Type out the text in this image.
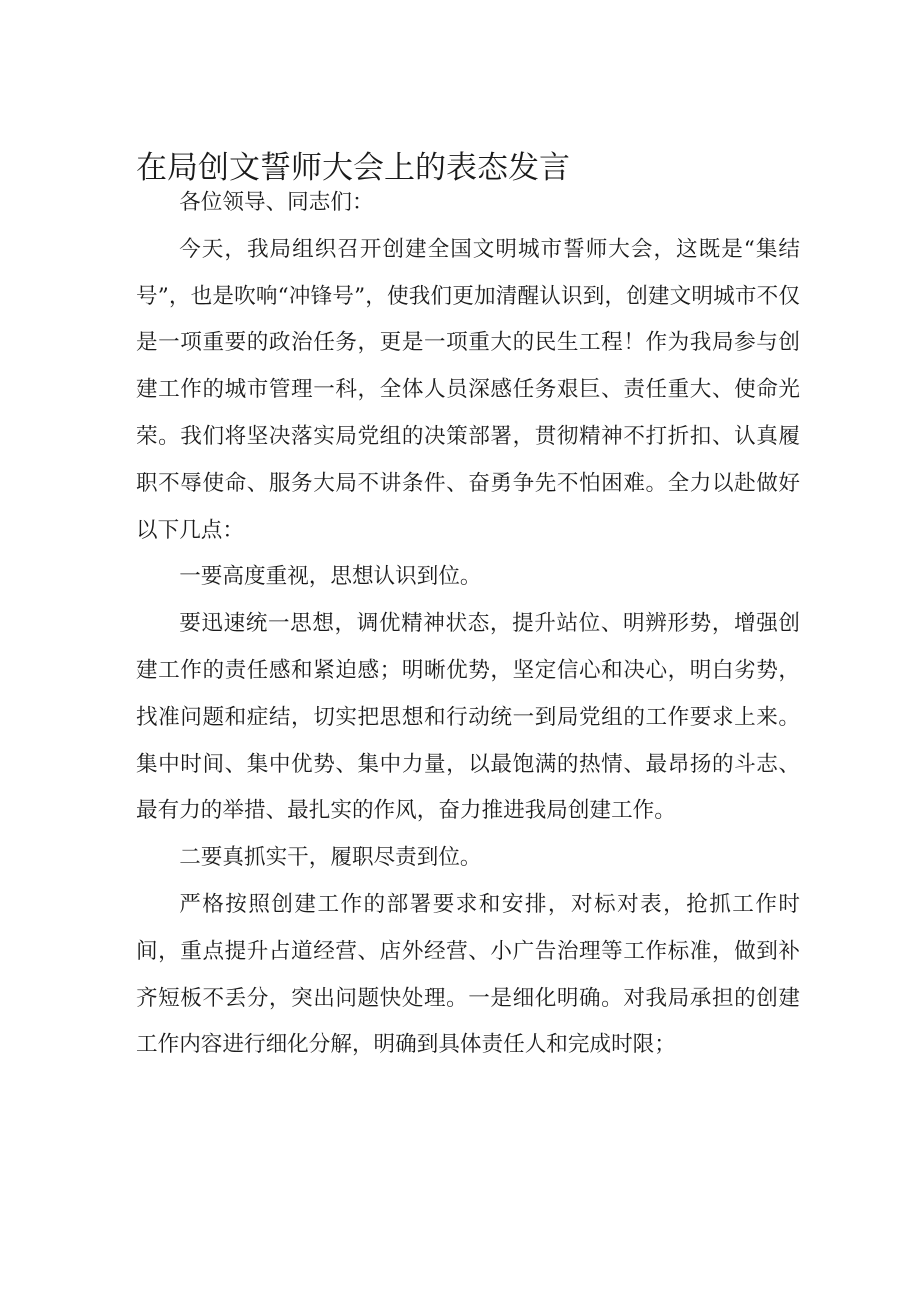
在局创文誓师大会上的表态发言

各位领导、同志们：

今天，我局组织召开创建全国文明城市誓师大会，这既是“集结号”，也是吹响“冲锋号”，使我们更加清醒认识到，创建文明城市不仅是一项重要的政治任务，更是一项重大的民生工程！作为我局参与创建工作的城市管理一科，全体人员深感任务艰巨、责任重大、使命光荣。我们将坚决落实局党组的决策部署，贯彻精神不打折扣、认真履职不辱使命、服务大局不讲条件、奋勇争先不怕困难。全力以赴做好以下几点：

一要高度重视，思想认识到位。

要迅速统一思想，调优精神状态，提升站位、明辨形势，增强创建工作的责任感和紧迫感；明晰优势，坚定信心和决心，明白劣势，找准问题和症结，切实把思想和行动统一到局党组的工作要求上来。集中时间、集中优势、集中力量，以最饱满的热情、最昂扬的斗志、最有力的举措、最扎实的作风，奋力推进我局创建工作。

二要真抓实干，履职尽责到位。

严格按照创建工作的部署要求和安排，对标对表，抢抓工作时间，重点提升占道经营、店外经营、小广告治理等工作标准，做到补齐短板不丢分，突出问题快处理。一是细化明确。对我局承担的创建工作内容进行细化分解，明确到具体责任人和完成时限；
